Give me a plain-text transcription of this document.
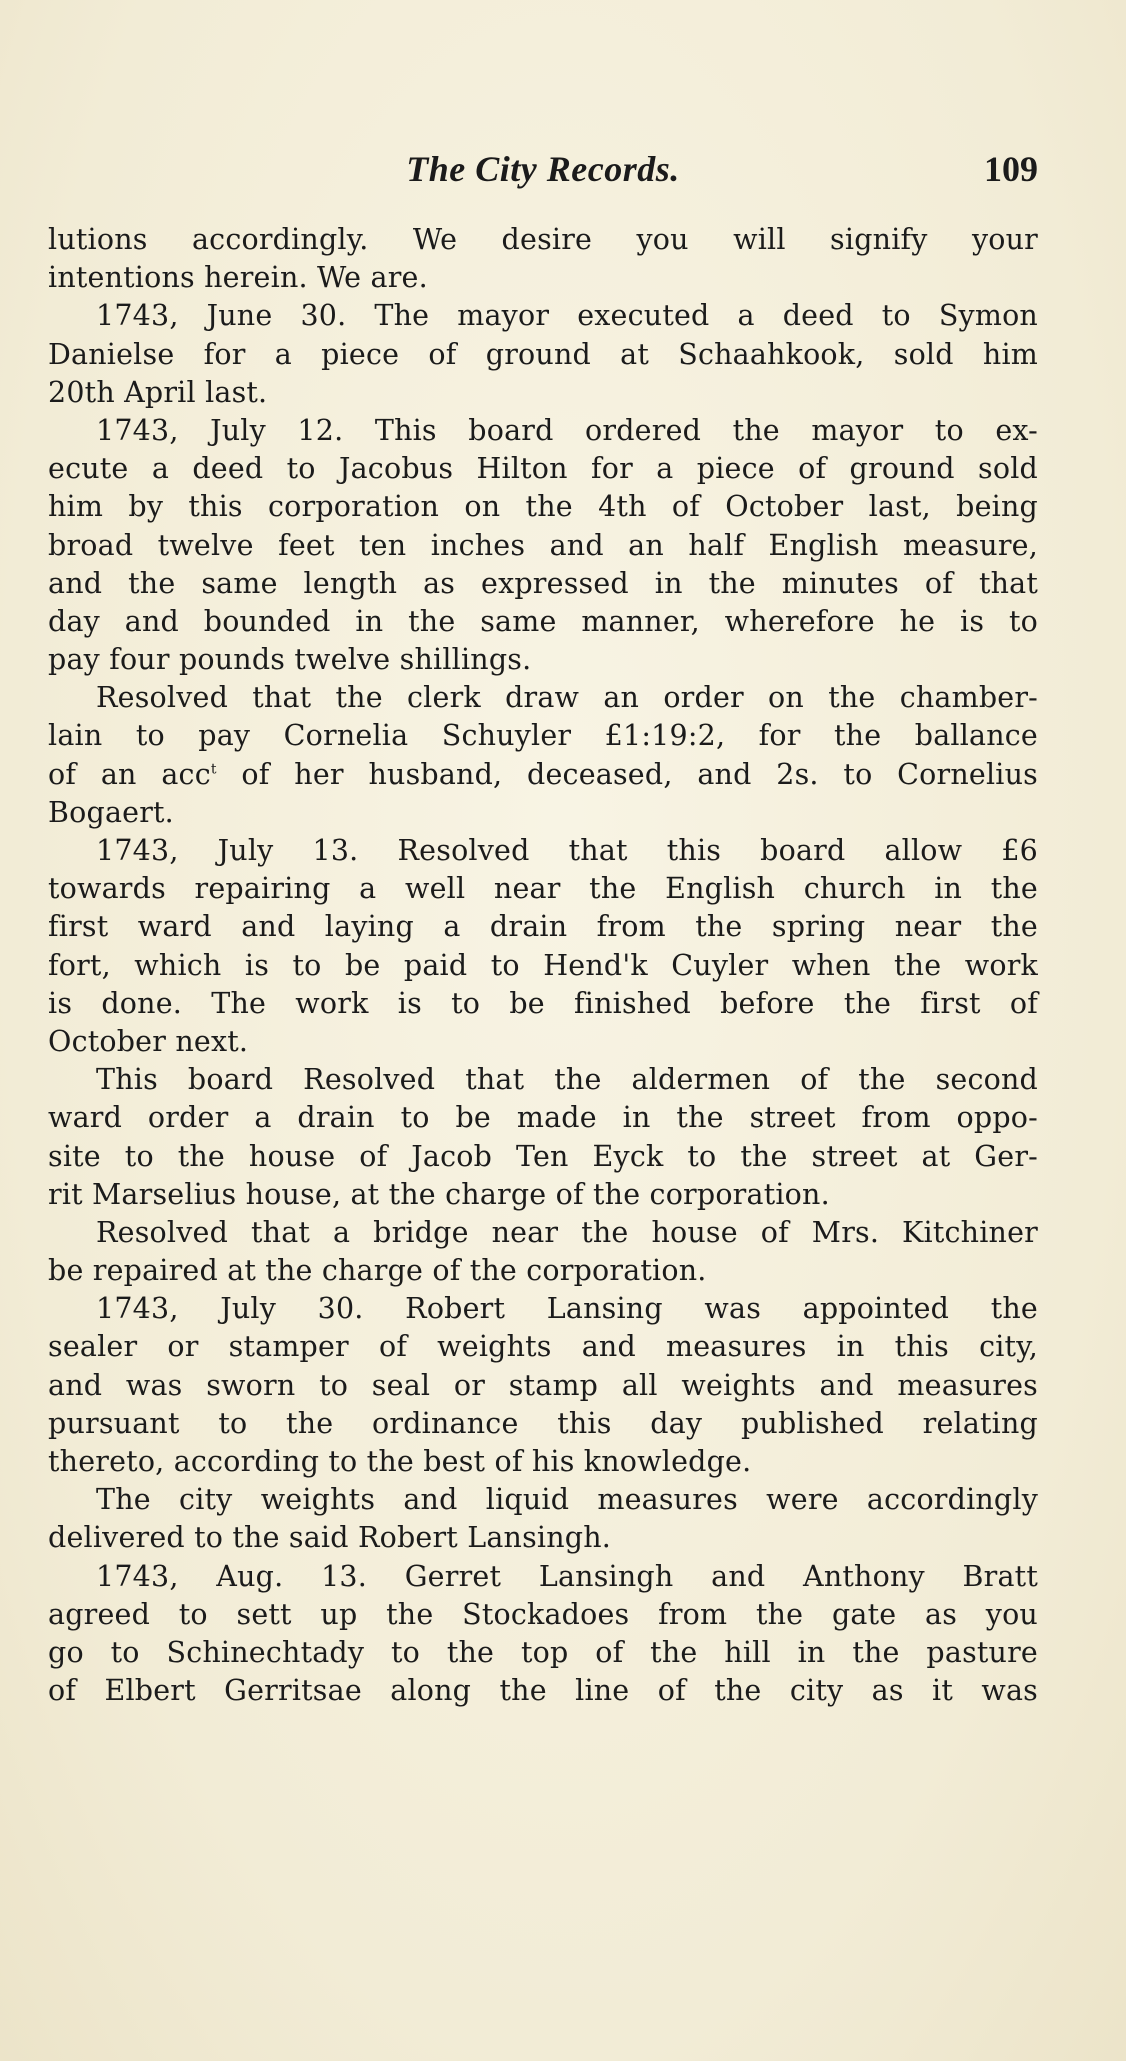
The City Records.	109
lutions accordingly. We desire you will signify your
intentions herein. We are.
1743, June 30. The mayor executed a deed to Symon
Danielse for a piece of ground at Schaahkook, sold him
20th April last.
1743, July 12. This board ordered the mayor to ex-
ecute a deed to Jacobus Hilton for a piece of ground sold
him by this corporation on the 4th of October last, being
broad twelve feet ten inches and an half English measure,
and the same length as expressed in the minutes of that
day and bounded in the same manner, wherefore he is to
pay four pounds twelve shillings.
Resolved that the clerk draw an order on the chamber-
lain to pay Cornelia Schuyler £1:19:2, for the ballance
of an acc$^t$ of her husband, deceased, and 2s. to Cornelius
Bogaert.
1743, July 13. Resolved that this board allow £6
towards repairing a well near the English church in the
first ward and laying a drain from the spring near the
fort, which is to be paid to Hend'k Cuyler when the work
is done. The work is to be finished before the first of
October next.
This board Resolved that the aldermen of the second
ward order a drain to be made in the street from oppo-
site to the house of Jacob Ten Eyck to the street at Ger-
rit Marselius house, at the charge of the corporation.
Resolved that a bridge near the house of Mrs. Kitchiner
be repaired at the charge of the corporation.
1743, July 30. Robert Lansing was appointed the
sealer or stamper of weights and measures in this city,
and was sworn to seal or stamp all weights and measures
pursuant to the ordinance this day published relating
thereto, according to the best of his knowledge.
The city weights and liquid measures were accordingly
delivered to the said Robert Lansingh.
1743, Aug. 13. Gerret Lansingh and Anthony Bratt
agreed to sett up the Stockadoes from the gate as you
go to Schinechtady to the top of the hill in the pasture
of Elbert Gerritsae along the line of the city as it was
